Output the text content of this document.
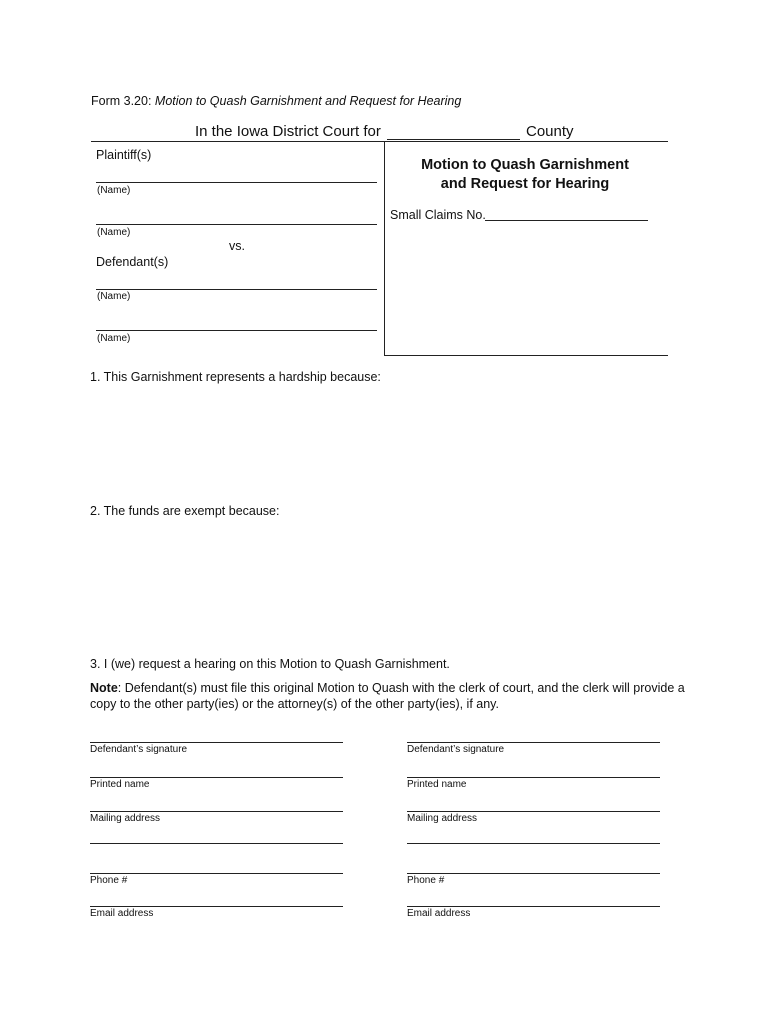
Form 3.20: Motion to Quash Garnishment and Request for Hearing
In the Iowa District Court for	County
Plaintiff(s)
(Name)
(Name)
vs.
Defendant(s)
(Name)
(Name)
Motion to Quash Garnishment
and Request for Hearing
Small Claims No.
1. This Garnishment represents a hardship because:
2. The funds are exempt because:
3. I (we) request a hearing on this Motion to Quash Garnishment.
Note: Defendant(s) must file this original Motion to Quash with the clerk of court, and the clerk will provide a copy to the other party(ies) or the attorney(s) of the other party(ies), if any.
Defendant’s signature
Printed name
Mailing address
Phone #
Email address
Defendant’s signature
Printed name
Mailing address
Phone #
Email address
